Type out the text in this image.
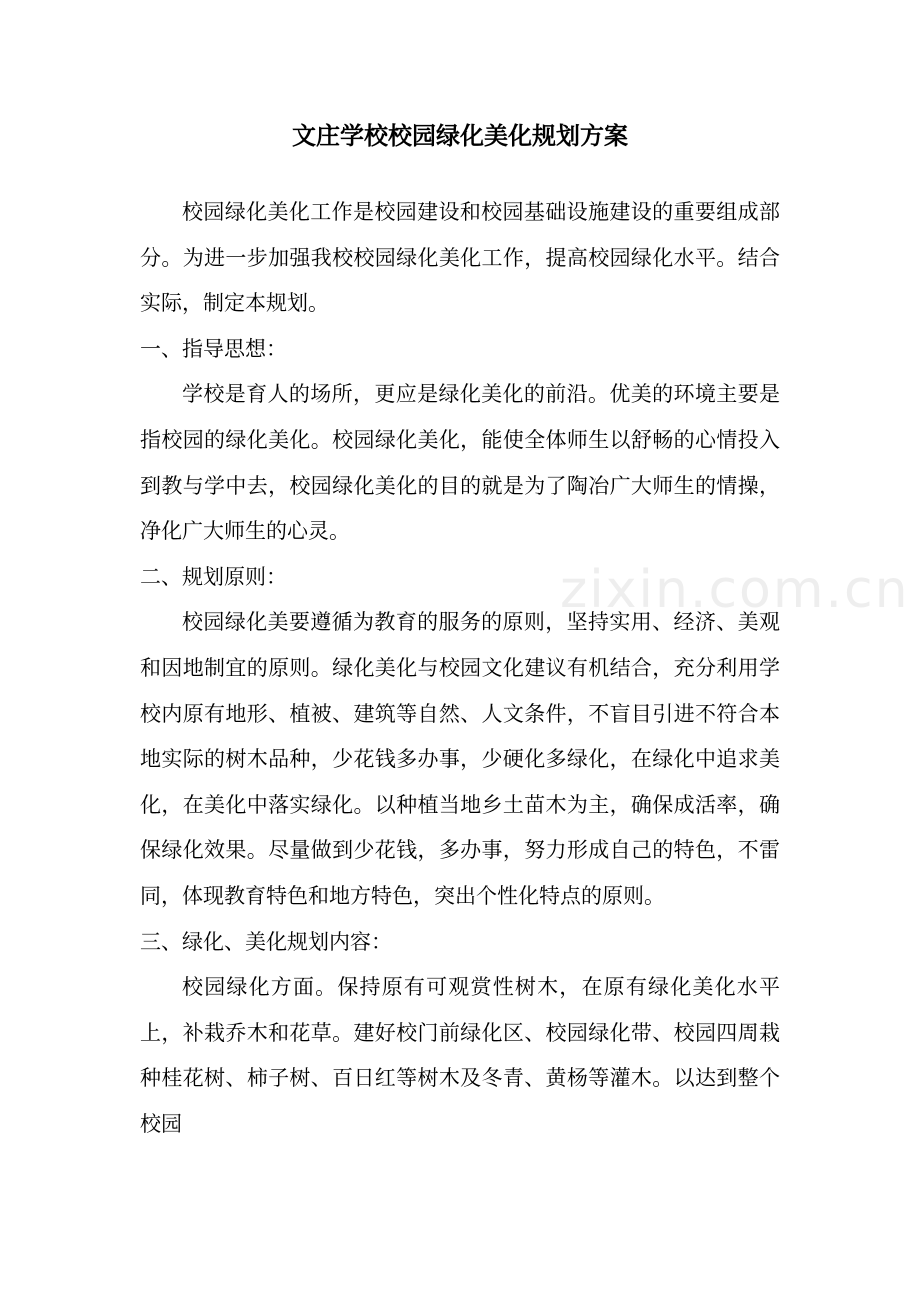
zixin.com.cn
文庄学校校园绿化美化规划方案

校园绿化美化工作是校园建设和校园基础设施建设的重要组成部分。为进一步加强我校校园绿化美化工作，提高校园绿化水平。结合实际，制定本规划。

一、指导思想：

学校是育人的场所，更应是绿化美化的前沿。优美的环境主要是指校园的绿化美化。校园绿化美化，能使全体师生以舒畅的心情投入到教与学中去，校园绿化美化的目的就是为了陶冶广大师生的情操，净化广大师生的心灵。

二、规划原则：

校园绿化美要遵循为教育的服务的原则，坚持实用、经济、美观和因地制宜的原则。绿化美化与校园文化建议有机结合，充分利用学校内原有地形、植被、建筑等自然、人文条件，不盲目引进不符合本地实际的树木品种，少花钱多办事，少硬化多绿化，在绿化中追求美化，在美化中落实绿化。以种植当地乡土苗木为主，确保成活率，确保绿化效果。尽量做到少花钱，多办事，努力形成自己的特色，不雷同，体现教育特色和地方特色，突出个性化特点的原则。

三、绿化、美化规划内容：

校园绿化方面。保持原有可观赏性树木，在原有绿化美化水平上，补栽乔木和花草。建好校门前绿化区、校园绿化带、校园四周栽种桂花树、柿子树、百日红等树木及冬青、黄杨等灌木。以达到整个校园
